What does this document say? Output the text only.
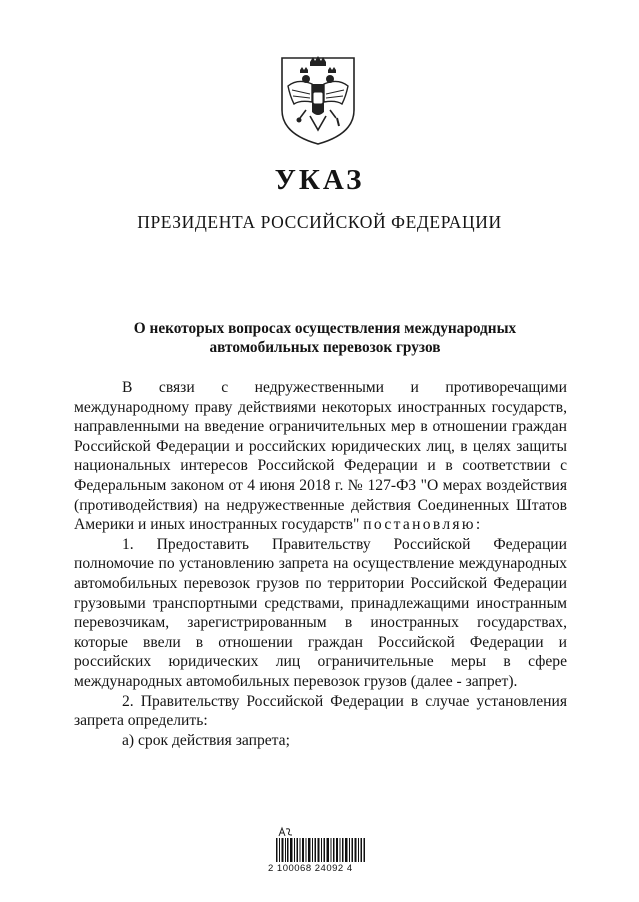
УКАЗ
ПРЕЗИДЕНТА РОССИЙСКОЙ ФЕДЕРАЦИИ
О некоторых вопросах осуществления международных
автомобильных перевозок грузов

В связи с недружественными и противоречащими международному праву действиями некоторых иностранных государств, направленными на введение ограничительных мер в отношении граждан Российской Федерации и российских юридических лиц, в целях защиты национальных интересов Российской Федерации и в соответствии с Федеральным законом от 4 июня 2018 г. № 127-ФЗ "О мерах воздействия (противодействия) на недружественные действия Соединенных Штатов Америки и иных иностранных государств" постановляю:

1. Предоставить Правительству Российской Федерации полномочие по установлению запрета на осуществление международных автомобильных перевозок грузов по территории Российской Федерации грузовыми транспортными средствами, принадлежащими иностранным перевозчикам, зарегистрированным в иностранных государствах, которые ввели в отношении граждан Российской Федерации и российских юридических лиц ограничительные меры в сфере международных автомобильных перевозок грузов (далее - запрет).

2. Правительству Российской Федерации в случае установления запрета определить:

а) срок действия запрета;

2 100068 24092 4
